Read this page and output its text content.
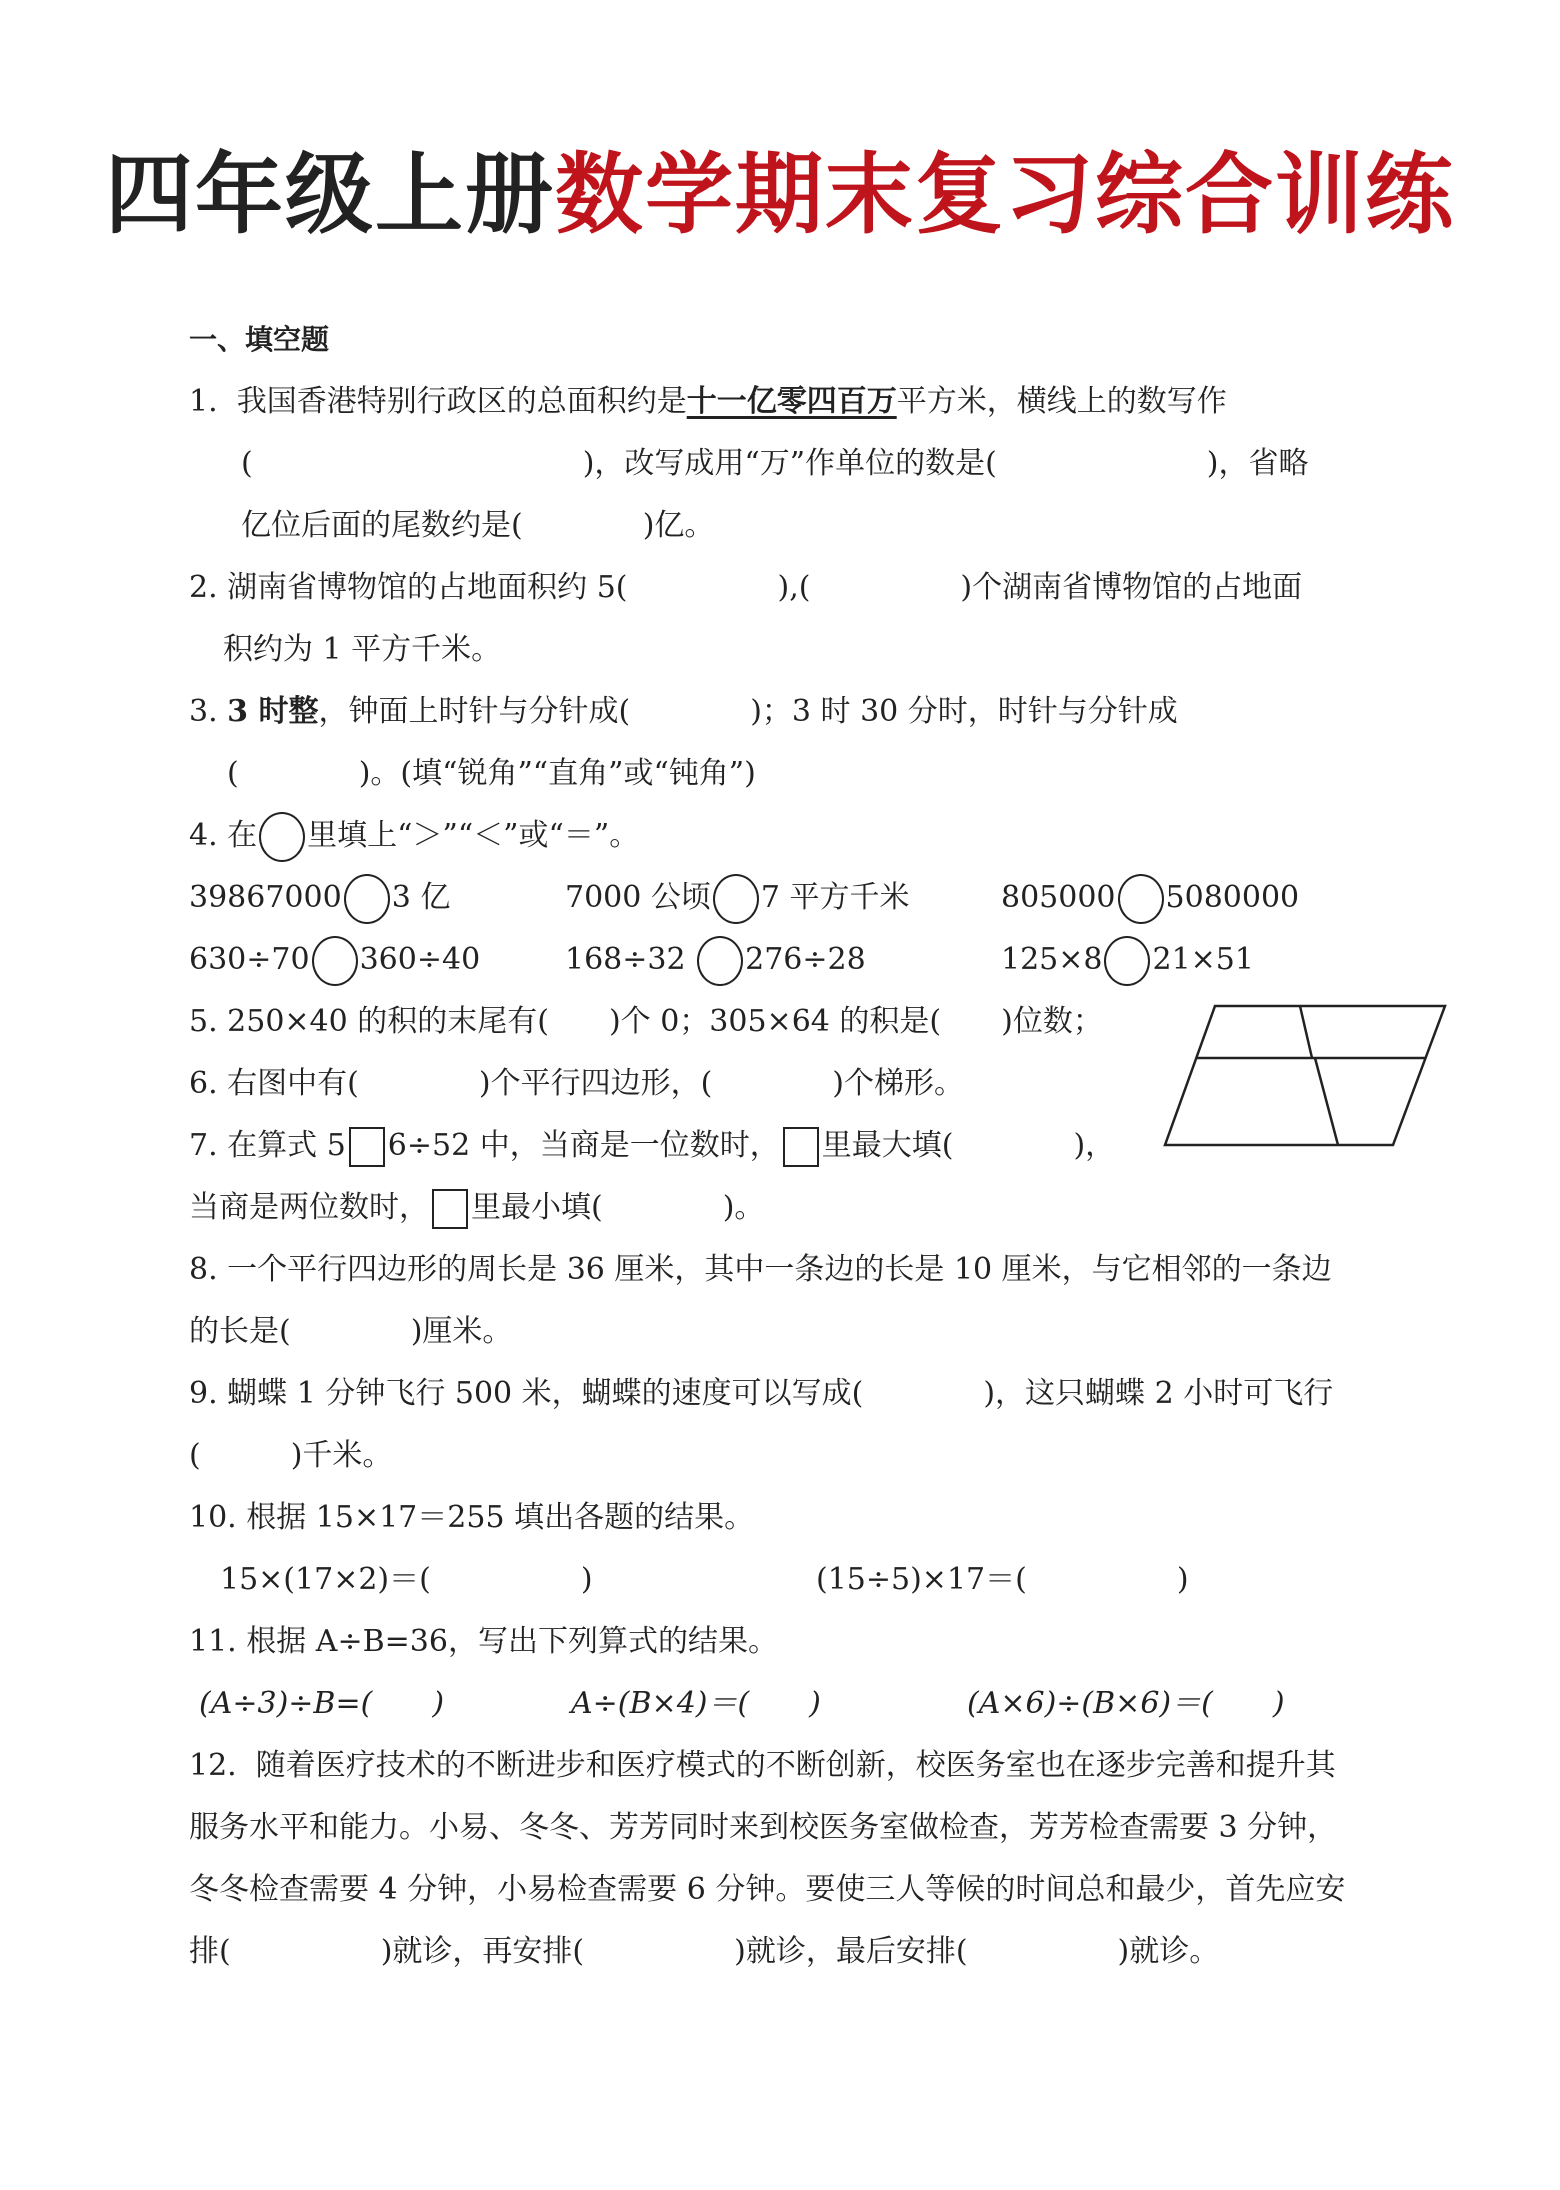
四年级上册数学期末复习综合训练
一、填空题
1.  我国香港特别行政区的总面积约是十一亿零四百万平方米，横线上的数写作
(　　　　　　　　　　　)，改写成用“万”作单位的数是(　　　　　　　)，省略
亿位后面的尾数约是(　　　　)亿。
2. 湖南省博物馆的占地面积约 5(　　　　　),(　　　　　)个湖南省博物馆的占地面
积约为 1 平方千米。
3. 3 时整，钟面上时针与分针成(　　　　)；3 时 30 分时，时针与分针成
(　　　　)。(填“锐角”“直角”或“钝角”)
4. 在 里填上“＞”“＜”或“＝”。
39867000 3 亿	7000 公顷 7 平方千米	805000 5080000
630÷70 360÷40	168÷32 276÷28	125×8 21×51
5. 250×40 的积的末尾有(　　)个 0；305×64 的积是(　　)位数；
6. 右图中有(　　　　)个平行四边形，(　　　　)个梯形。
7. 在算式 5 6÷52 中，当商是一位数时， 里最大填(　　　　)，
当商是两位数时， 里最小填(　　　　)。
8. 一个平行四边形的周长是 36 厘米，其中一条边的长是 10 厘米，与它相邻的一条边
的长是(　　　　)厘米。
9. 蝴蝶 1 分钟飞行 500 米，蝴蝶的速度可以写成(　　　　)，这只蝴蝶 2 小时可飞行
(　　　)千米。
10. 根据 15×17＝255 填出各题的结果。
15×(17×2)＝(　　　　　)	(15÷5)×17＝(　　　　　)
11. 根据 A÷B=36，写出下列算式的结果。
(A÷3)÷B=(　　)	A÷(B×4)＝(　　)	(A×6)÷(B×6)＝(　　)
12.  随着医疗技术的不断进步和医疗模式的不断创新，校医务室也在逐步完善和提升其
服务水平和能力。小易、冬冬、芳芳同时来到校医务室做检查，芳芳检查需要 3 分钟，
冬冬检查需要 4 分钟，小易检查需要 6 分钟。要使三人等候的时间总和最少，首先应安
排(　　　　　)就诊，再安排(　　　　　)就诊，最后安排(　　　　　)就诊。
